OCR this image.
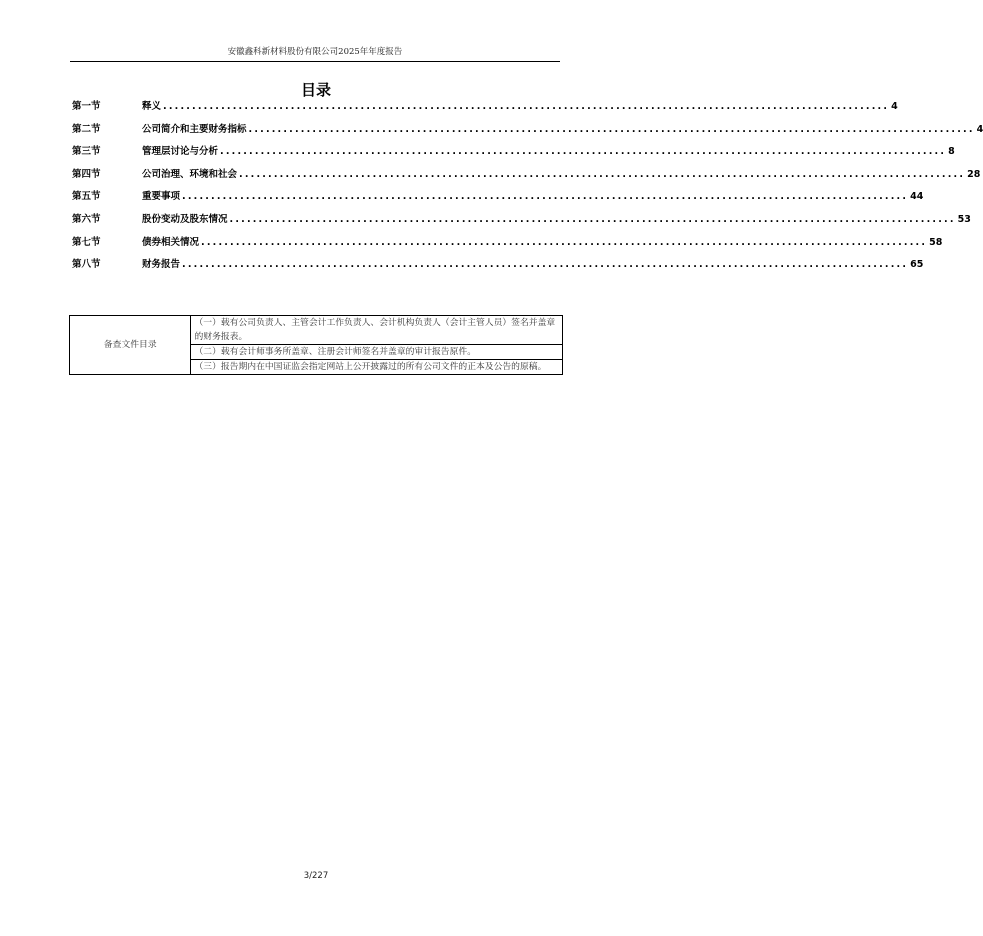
安徽鑫科新材料股份有限公司2025年年度报告
目录
第一节	释义 ............................................................................................................................. 4
第二节	公司简介和主要财务指标 ............................................................................................................................. 4
第三节	管理层讨论与分析 ............................................................................................................................. 8
第四节	公司治理、环境和社会 ............................................................................................................................. 28
第五节	重要事项 ............................................................................................................................. 44
第六节	股份变动及股东情况 ............................................................................................................................. 53
第七节	债券相关情况 ............................................................................................................................. 58
第八节	财务报告 ............................................................................................................................. 65
备查文件目录	（一）载有公司负责人、主管会计工作负责人、会计机构负责人（会计主管人员）签名并盖章的财务报表。
（二）载有会计师事务所盖章、注册会计师签名并盖章的审计报告原件。
（三）报告期内在中国证监会指定网站上公开披露过的所有公司文件的正本及公告的原稿。
3/227
